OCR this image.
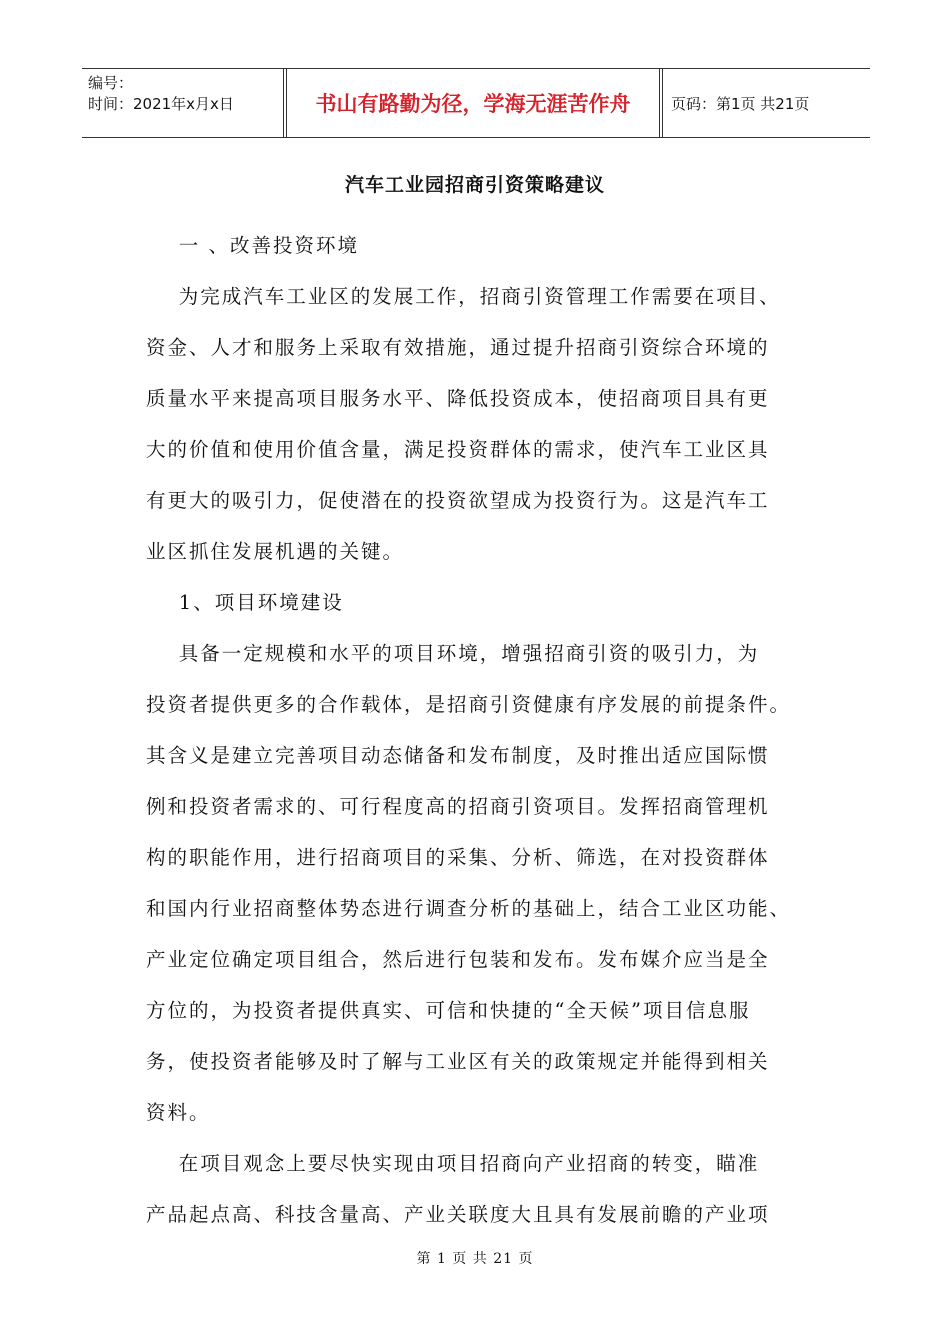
编号：
时间：2021年x月x日	书山有路勤为径，学海无涯苦作舟	页码：第1页 共21页
汽车工业园招商引资策略建议
一 、改善投资环境
为完成汽车工业区的发展工作，招商引资管理工作需要在项目、
资金、人才和服务上采取有效措施，通过提升招商引资综合环境的
质量水平来提高项目服务水平、降低投资成本，使招商项目具有更
大的价值和使用价值含量，满足投资群体的需求，使汽车工业区具
有更大的吸引力，促使潜在的投资欲望成为投资行为。这是汽车工
业区抓住发展机遇的关键。
1、项目环境建设
具备一定规模和水平的项目环境，增强招商引资的吸引力，为
投资者提供更多的合作载体，是招商引资健康有序发展的前提条件。
其含义是建立完善项目动态储备和发布制度，及时推出适应国际惯
例和投资者需求的、可行程度高的招商引资项目。发挥招商管理机
构的职能作用，进行招商项目的采集、分析、筛选，在对投资群体
和国内行业招商整体势态进行调查分析的基础上，结合工业区功能、
产业定位确定项目组合，然后进行包装和发布。发布媒介应当是全
方位的，为投资者提供真实、可信和快捷的“全天候”项目信息服
务，使投资者能够及时了解与工业区有关的政策规定并能得到相关
资料。
在项目观念上要尽快实现由项目招商向产业招商的转变，瞄准
产品起点高、科技含量高、产业关联度大且具有发展前瞻的产业项
第 1 页 共 21 页
